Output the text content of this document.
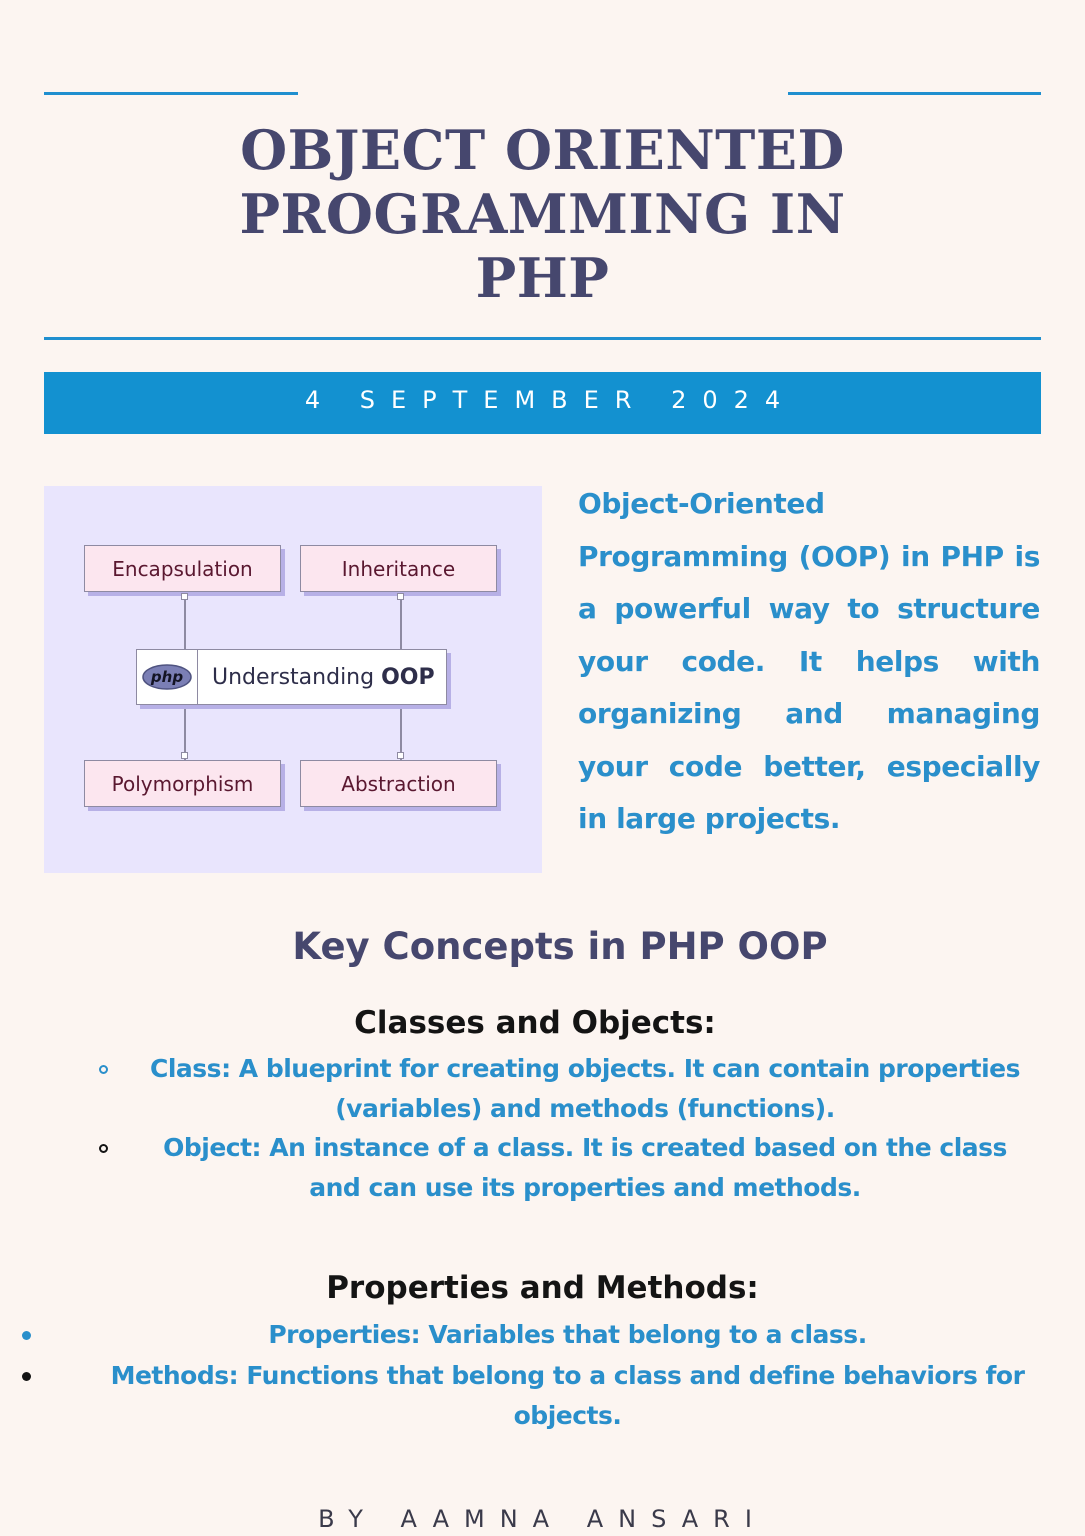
OBJECT ORIENTED PROGRAMMING IN PHP
4 SEPTEMBER 2024
Encapsulation	Inheritance
Polymorphism	Abstraction
php	Understanding OOP

Object-Oriented Programming (OOP) in PHP is a powerful way to structure your code. It helps with organizing and managing your code better, especially in large projects.

Key Concepts in PHP OOP
Classes and Objects:

Class: A blueprint for creating objects. It can contain properties (variables) and methods (functions).

Object: An instance of a class. It is created based on the class and can use its properties and methods.

Properties and Methods:

Properties: Variables that belong to a class.

Methods: Functions that belong to a class and define behaviors for objects.

BY AAMNA ANSARI
